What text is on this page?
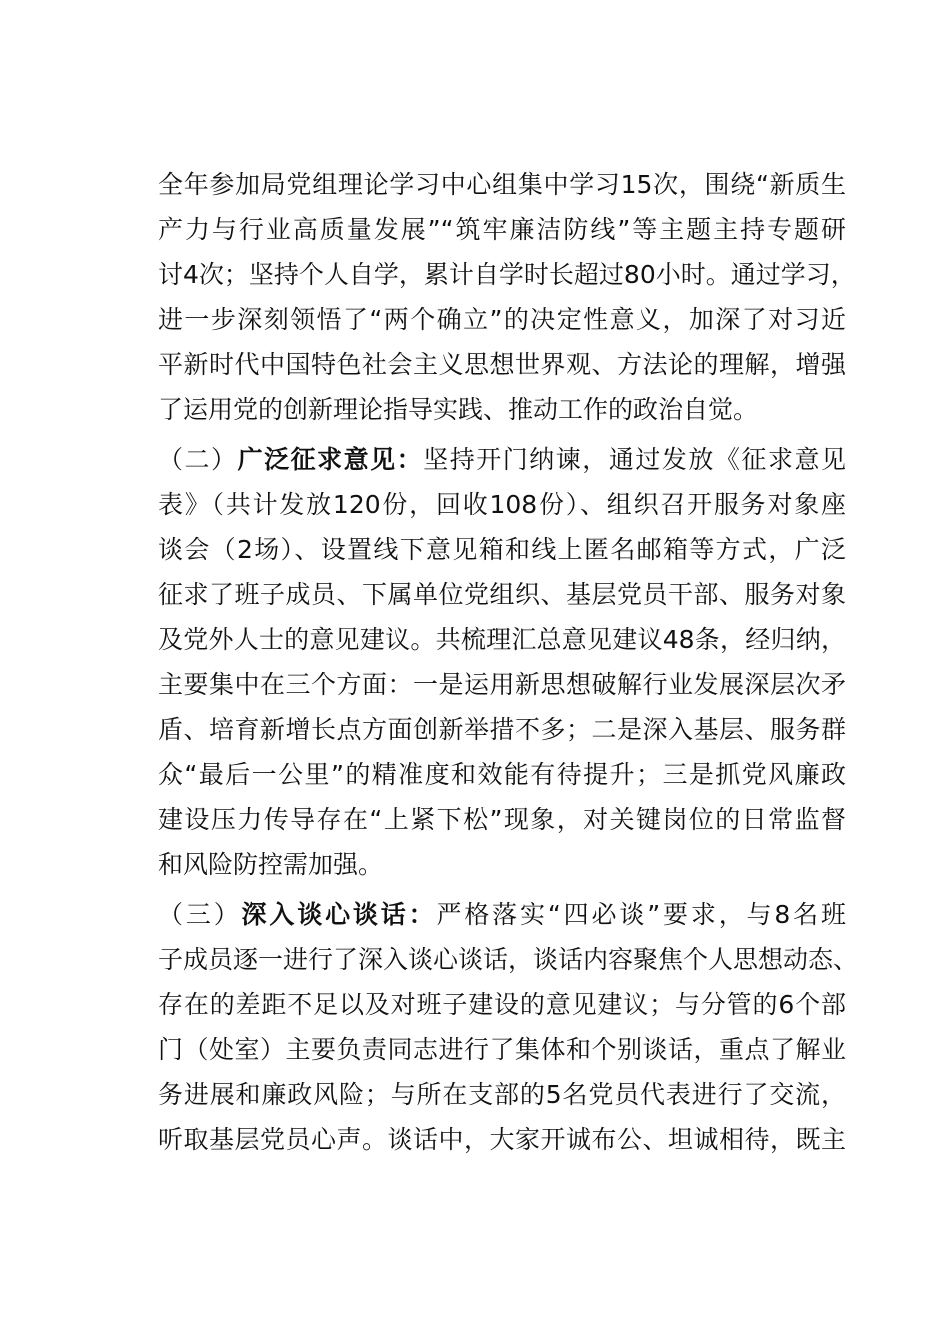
全年参加局党组理论学习中心组集中学习15次，围绕“新质生
产力与行业高质量发展”“筑牢廉洁防线”等主题主持专题研
讨4次；坚持个人自学，累计自学时长超过80小时。通过学习，
进一步深刻领悟了“两个确立”的决定性意义，加深了对习近
平新时代中国特色社会主义思想世界观、方法论的理解，增强
了运用党的创新理论指导实践、推动工作的政治自觉。
（二）广泛征求意见：坚持开门纳谏，通过发放《征求意见
表》（共计发放120份，回收108份）、组织召开服务对象座
谈会（2场）、设置线下意见箱和线上匿名邮箱等方式，广泛
征求了班子成员、下属单位党组织、基层党员干部、服务对象
及党外人士的意见建议。共梳理汇总意见建议48条，经归纳，
主要集中在三个方面：一是运用新思想破解行业发展深层次矛
盾、培育新增长点方面创新举措不多；二是深入基层、服务群
众“最后一公里”的精准度和效能有待提升；三是抓党风廉政
建设压力传导存在“上紧下松”现象，对关键岗位的日常监督
和风险防控需加强。
（三）深入谈心谈话：严格落实“四必谈”要求，与8名班
子成员逐一进行了深入谈心谈话，谈话内容聚焦个人思想动态、
存在的差距不足以及对班子建设的意见建议；与分管的6个部
门（处室）主要负责同志进行了集体和个别谈话，重点了解业
务进展和廉政风险；与所在支部的5名党员代表进行了交流，
听取基层党员心声。谈话中，大家开诚布公、坦诚相待，既主
